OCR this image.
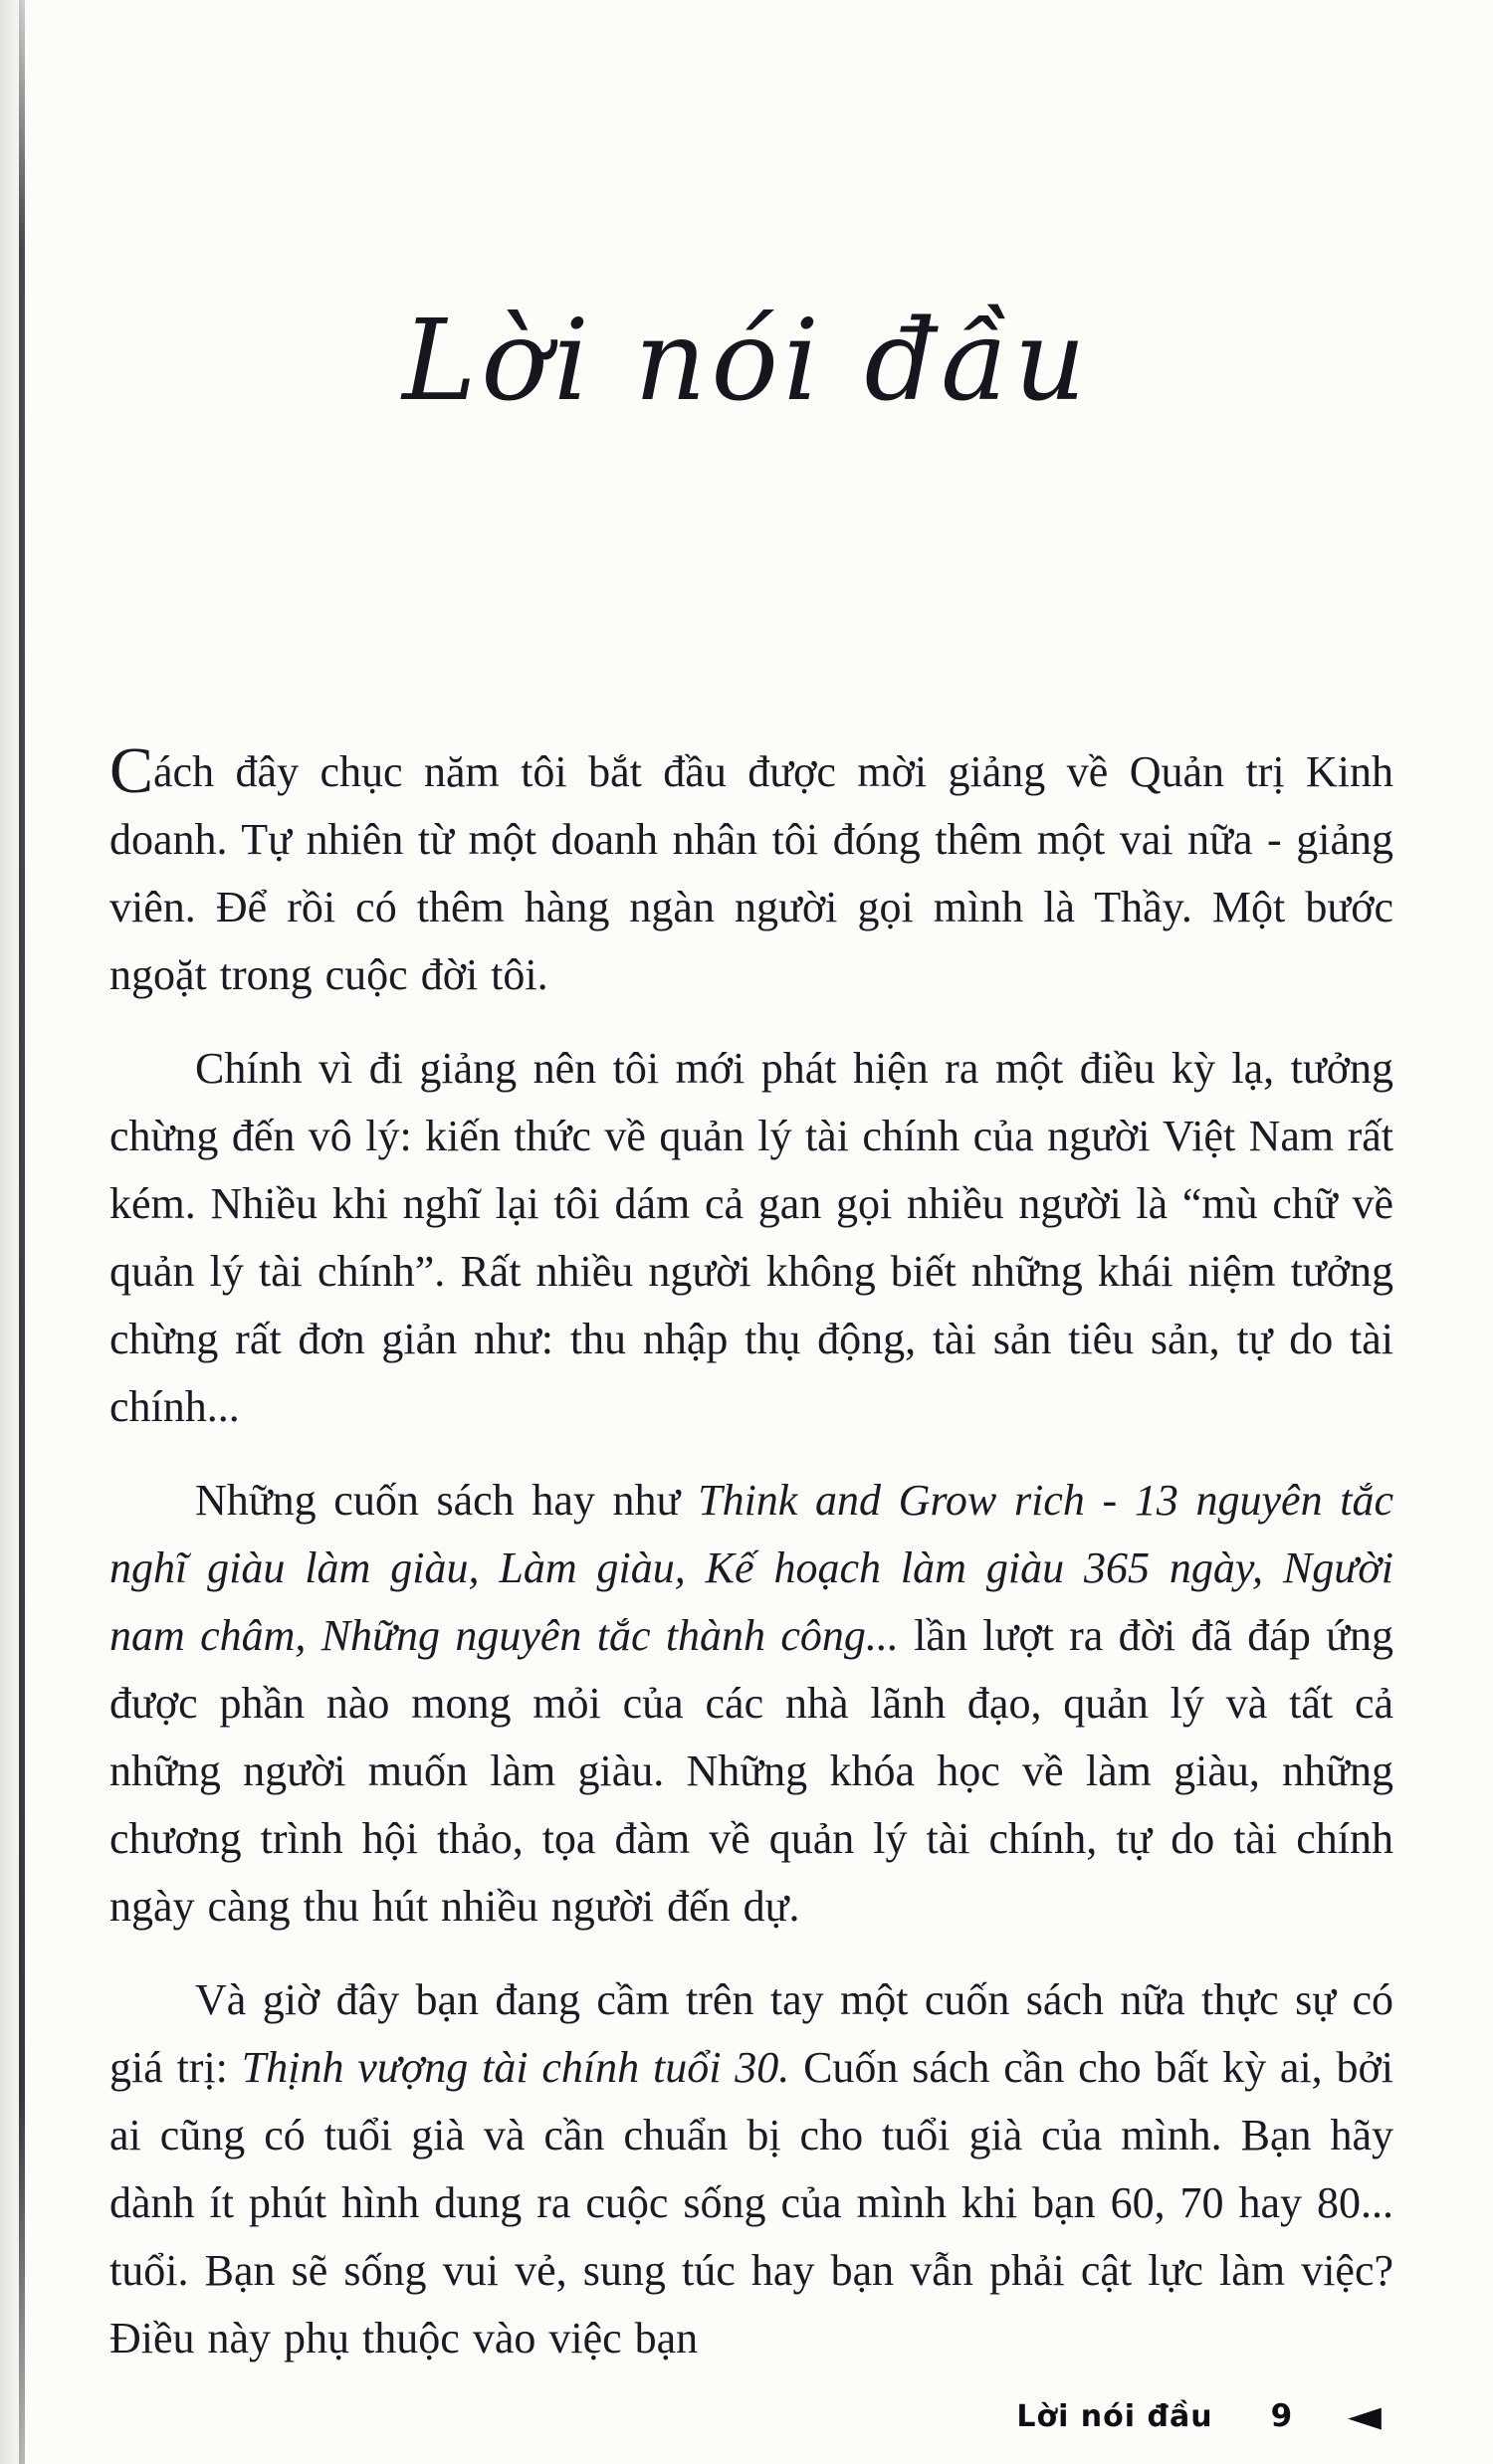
Lời nói đầu

Cách đây chục năm tôi bắt đầu được mời giảng về Quản trị Kinh doanh. Tự nhiên từ một doanh nhân tôi đóng thêm một vai nữa - giảng viên. Để rồi có thêm hàng ngàn người gọi mình là Thầy. Một bước ngoặt trong cuộc đời tôi.

Chính vì đi giảng nên tôi mới phát hiện ra một điều kỳ lạ, tưởng chừng đến vô lý: kiến thức về quản lý tài chính của người Việt Nam rất kém. Nhiều khi nghĩ lại tôi dám cả gan gọi nhiều người là “mù chữ về quản lý tài chính”. Rất nhiều người không biết những khái niệm tưởng chừng rất đơn giản như: thu nhập thụ động, tài sản tiêu sản, tự do tài chính...

Những cuốn sách hay như Think and Grow rich - 13 nguyên tắc nghĩ giàu làm giàu, Làm giàu, Kế hoạch làm giàu 365 ngày, Người nam châm, Những nguyên tắc thành công... lần lượt ra đời đã đáp ứng được phần nào mong mỏi của các nhà lãnh đạo, quản lý và tất cả những người muốn làm giàu. Những khóa học về làm giàu, những chương trình hội thảo, tọa đàm về quản lý tài chính, tự do tài chính ngày càng thu hút nhiều người đến dự.

Và giờ đây bạn đang cầm trên tay một cuốn sách nữa thực sự có giá trị: Thịnh vượng tài chính tuổi 30. Cuốn sách cần cho bất kỳ ai, bởi ai cũng có tuổi già và cần chuẩn bị cho tuổi già của mình. Bạn hãy dành ít phút hình dung ra cuộc sống của mình khi bạn 60, 70 hay 80... tuổi. Bạn sẽ sống vui vẻ, sung túc hay bạn vẫn phải cật lực làm việc? Điều này phụ thuộc vào việc bạn

Lời nói đầu 9 ◄
